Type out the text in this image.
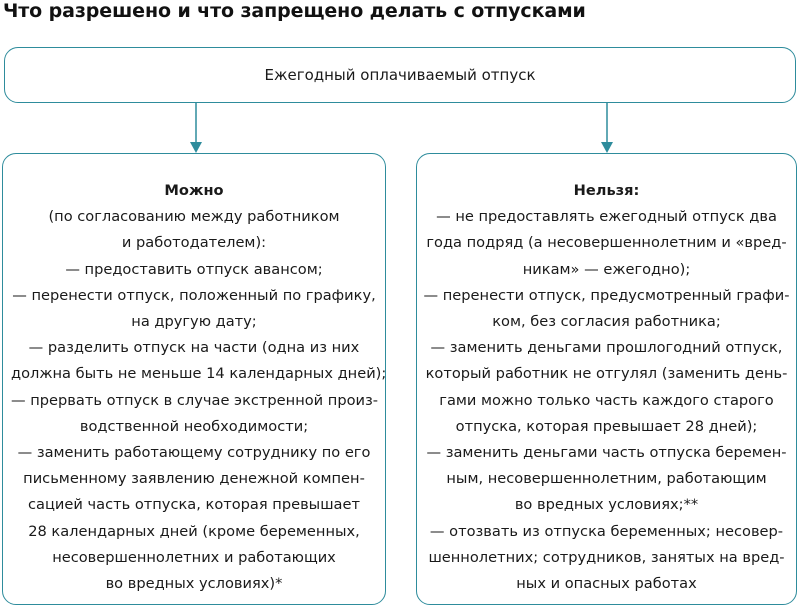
Что разрешено и что запрещено делать с отпусками
Ежегодный оплачиваемый отпуск
Можно
(по согласованию между работником
и работодателем):
— предоставить отпуск авансом;
— перенести отпуск, положенный по графику,
на другую дату;
— разделить отпуск на части (одна из них
должна быть не меньше 14 календарных дней);
— прервать отпуск в случае экстренной произ-
водственной необходимости;
— заменить работающему сотруднику по его
письменному заявлению денежной компен-
сацией часть отпуска, которая превышает
28 календарных дней (кроме беременных,
несовершеннолетних и работающих
во вредных условиях)*
Нельзя:
— не предоставлять ежегодный отпуск два
года подряд (а несовершеннолетним и «вред-
никам» — ежегодно);
— перенести отпуск, предусмотренный графи-
ком, без согласия работника;
— заменить деньгами прошлогодний отпуск,
который работник не отгулял (заменить день-
гами можно только часть каждого старого
отпуска, которая превышает 28 дней);
— заменить деньгами часть отпуска беремен-
ным, несовершеннолетним, работающим
во вредных условиях;**
— отозвать из отпуска беременных; несовер-
шеннолетних; сотрудников, занятых на вред-
ных и опасных работах
